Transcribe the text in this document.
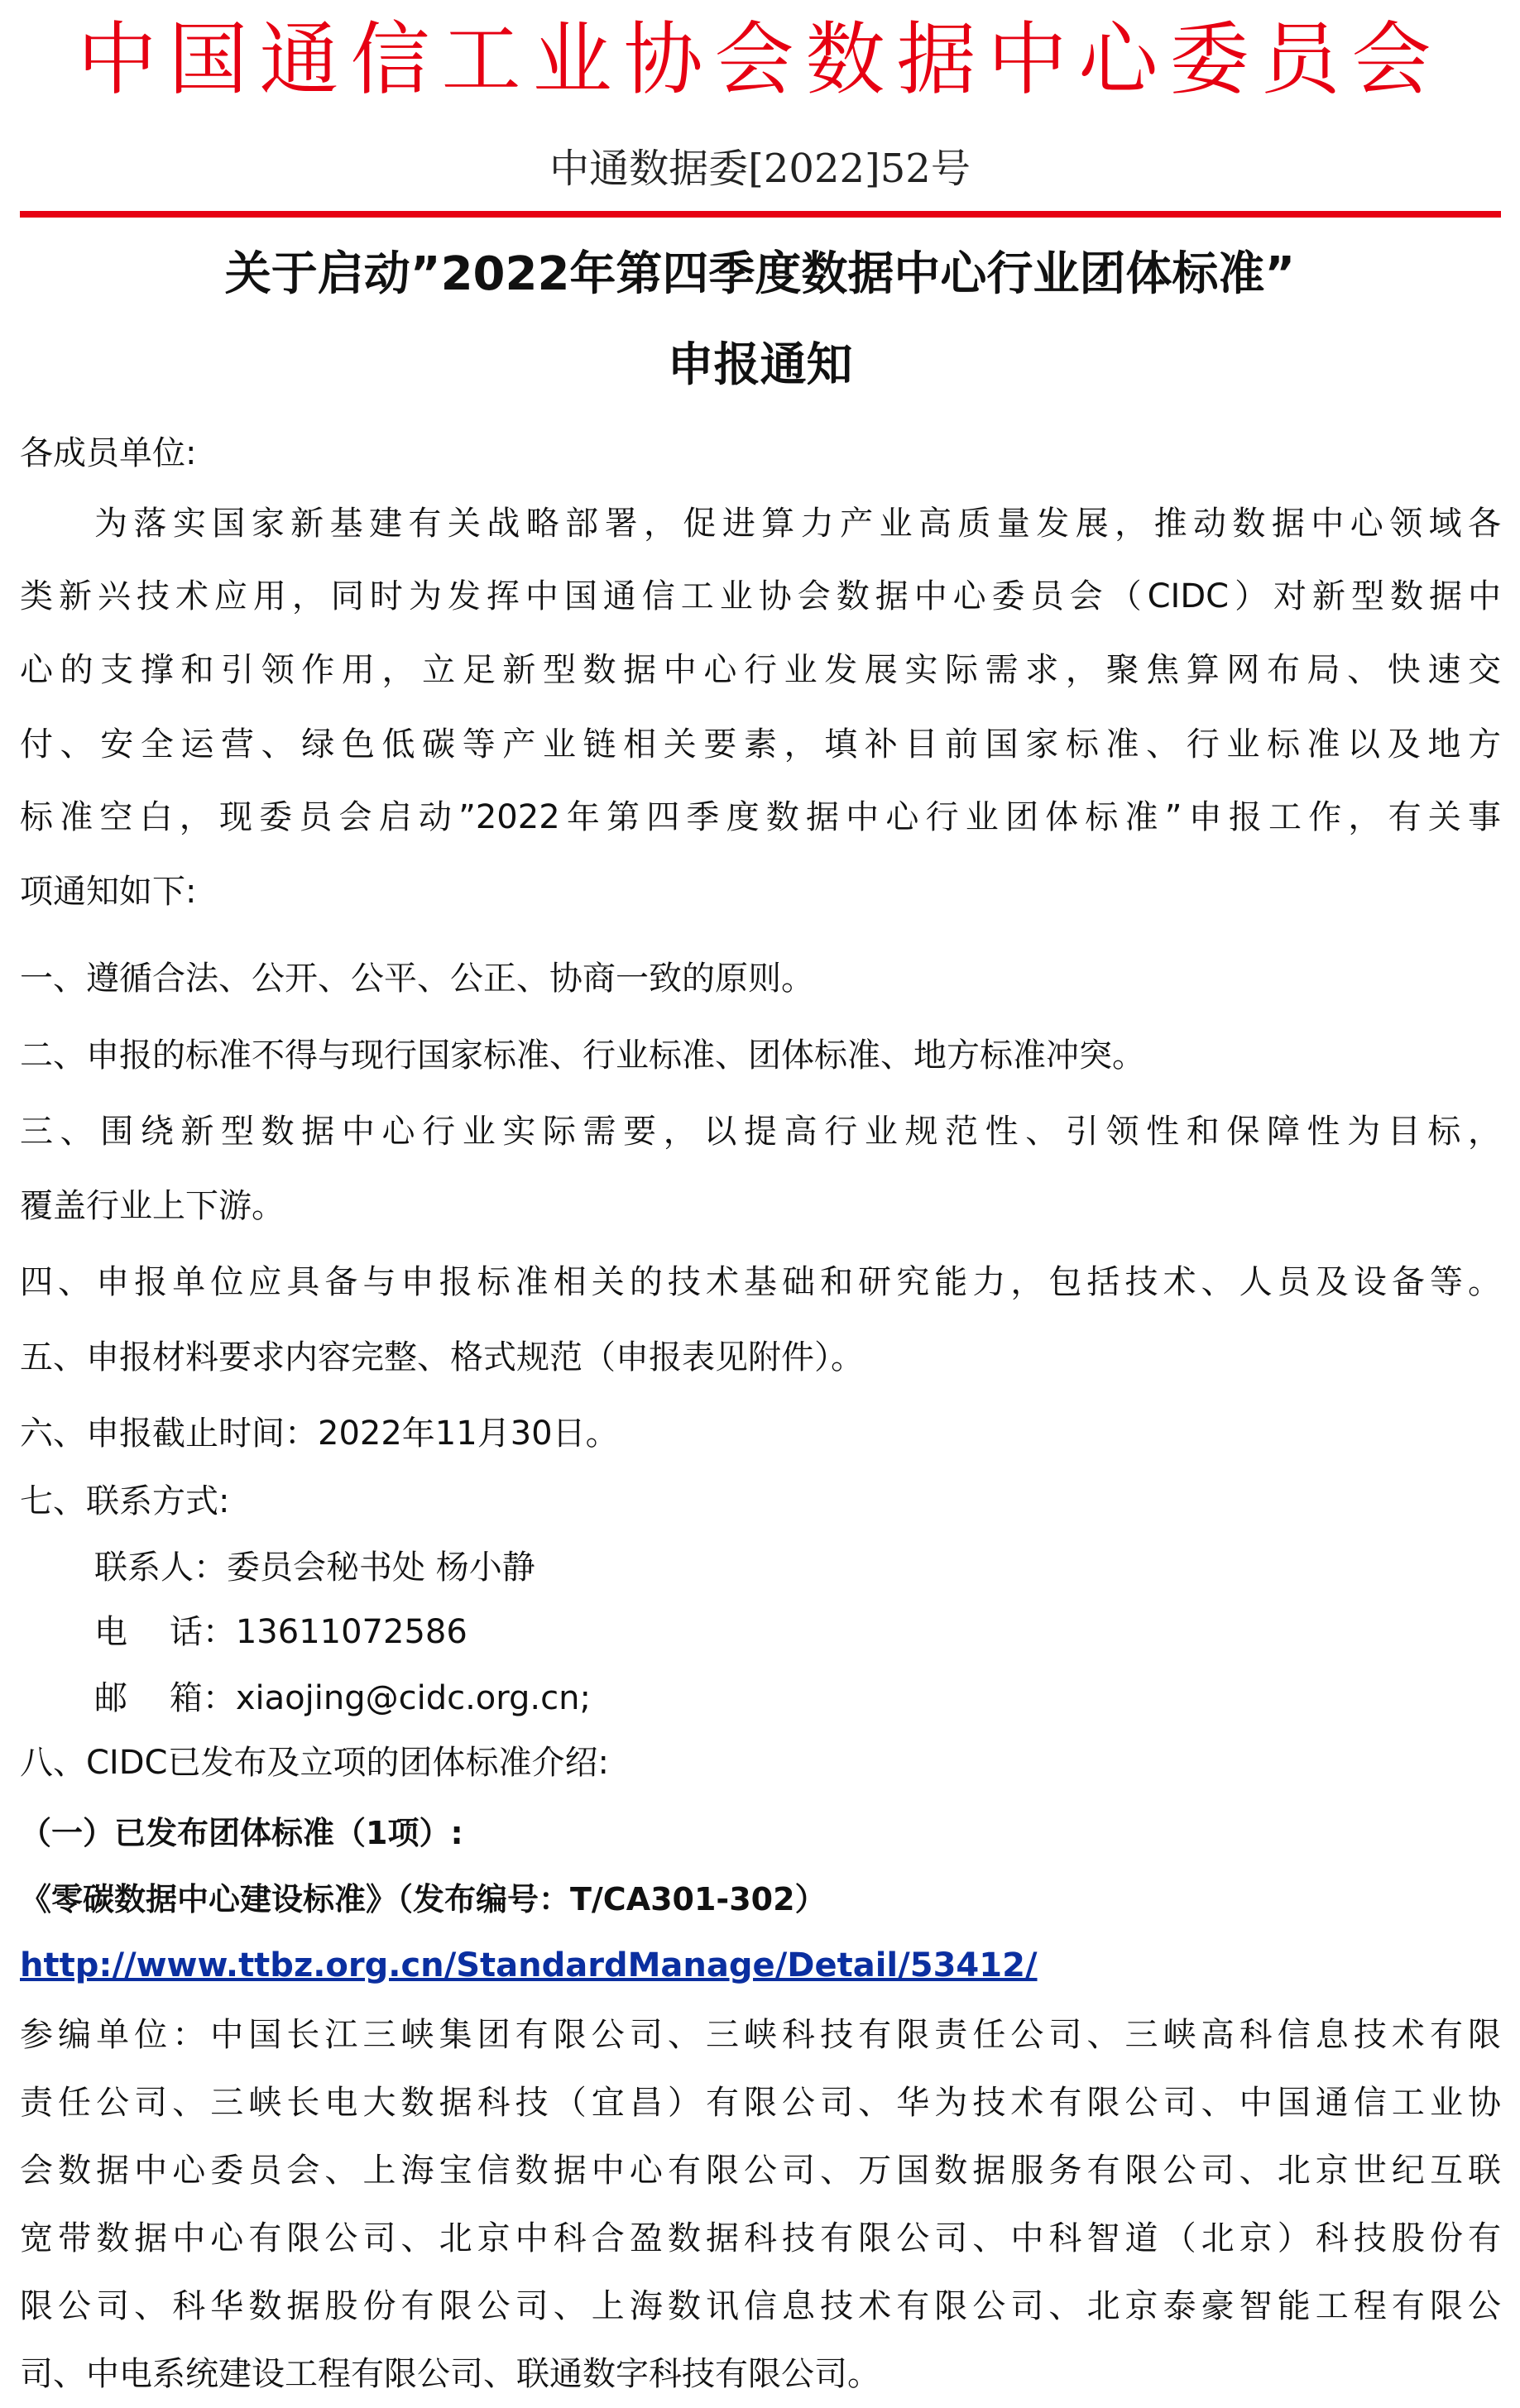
中国通信工业协会数据中心委员会
中通数据委[2022]52号
关于启动”2022年第四季度数据中心行业团体标准”
申报通知
各成员单位:
为落实国家新基建有关战略部署，促进算力产业高质量发展，推动数据中心领域各
类新兴技术应用，同时为发挥中国通信工业协会数据中心委员会（CIDC）对新型数据中
心的支撑和引领作用，立足新型数据中心行业发展实际需求，聚焦算网布局、快速交
付、安全运营、绿色低碳等产业链相关要素，填补目前国家标准、行业标准以及地方
标准空白，现委员会启动”2022年第四季度数据中心行业团体标准”申报工作，有关事
项通知如下:
一、遵循合法、公开、公平、公正、协商一致的原则。
二、申报的标准不得与现行国家标准、行业标准、团体标准、地方标准冲突。
三、围绕新型数据中心行业实际需要，以提高行业规范性、引领性和保障性为目标，
覆盖行业上下游。
四、申报单位应具备与申报标准相关的技术基础和研究能力，包括技术、人员及设备等。
五、申报材料要求内容完整、格式规范（申报表见附件）。
六、申报截止时间：2022年11月30日。
七、联系方式:
联系人：委员会秘书处 杨小静
电    话：13611072586
邮    箱：xiaojing@cidc.org.cn;
八、CIDC已发布及立项的团体标准介绍:
（一）已发布团体标准（1项）:
《零碳数据中心建设标准》（发布编号：T/CA301-302）
http://www.ttbz.org.cn/StandardManage/Detail/53412/
参编单位：中国长江三峡集团有限公司、三峡科技有限责任公司、三峡高科信息技术有限
责任公司、三峡长电大数据科技（宜昌）有限公司、华为技术有限公司、中国通信工业协
会数据中心委员会、上海宝信数据中心有限公司、万国数据服务有限公司、北京世纪互联
宽带数据中心有限公司、北京中科合盈数据科技有限公司、中科智道（北京）科技股份有
限公司、科华数据股份有限公司、上海数讯信息技术有限公司、北京泰豪智能工程有限公
司、中电系统建设工程有限公司、联通数字科技有限公司。
